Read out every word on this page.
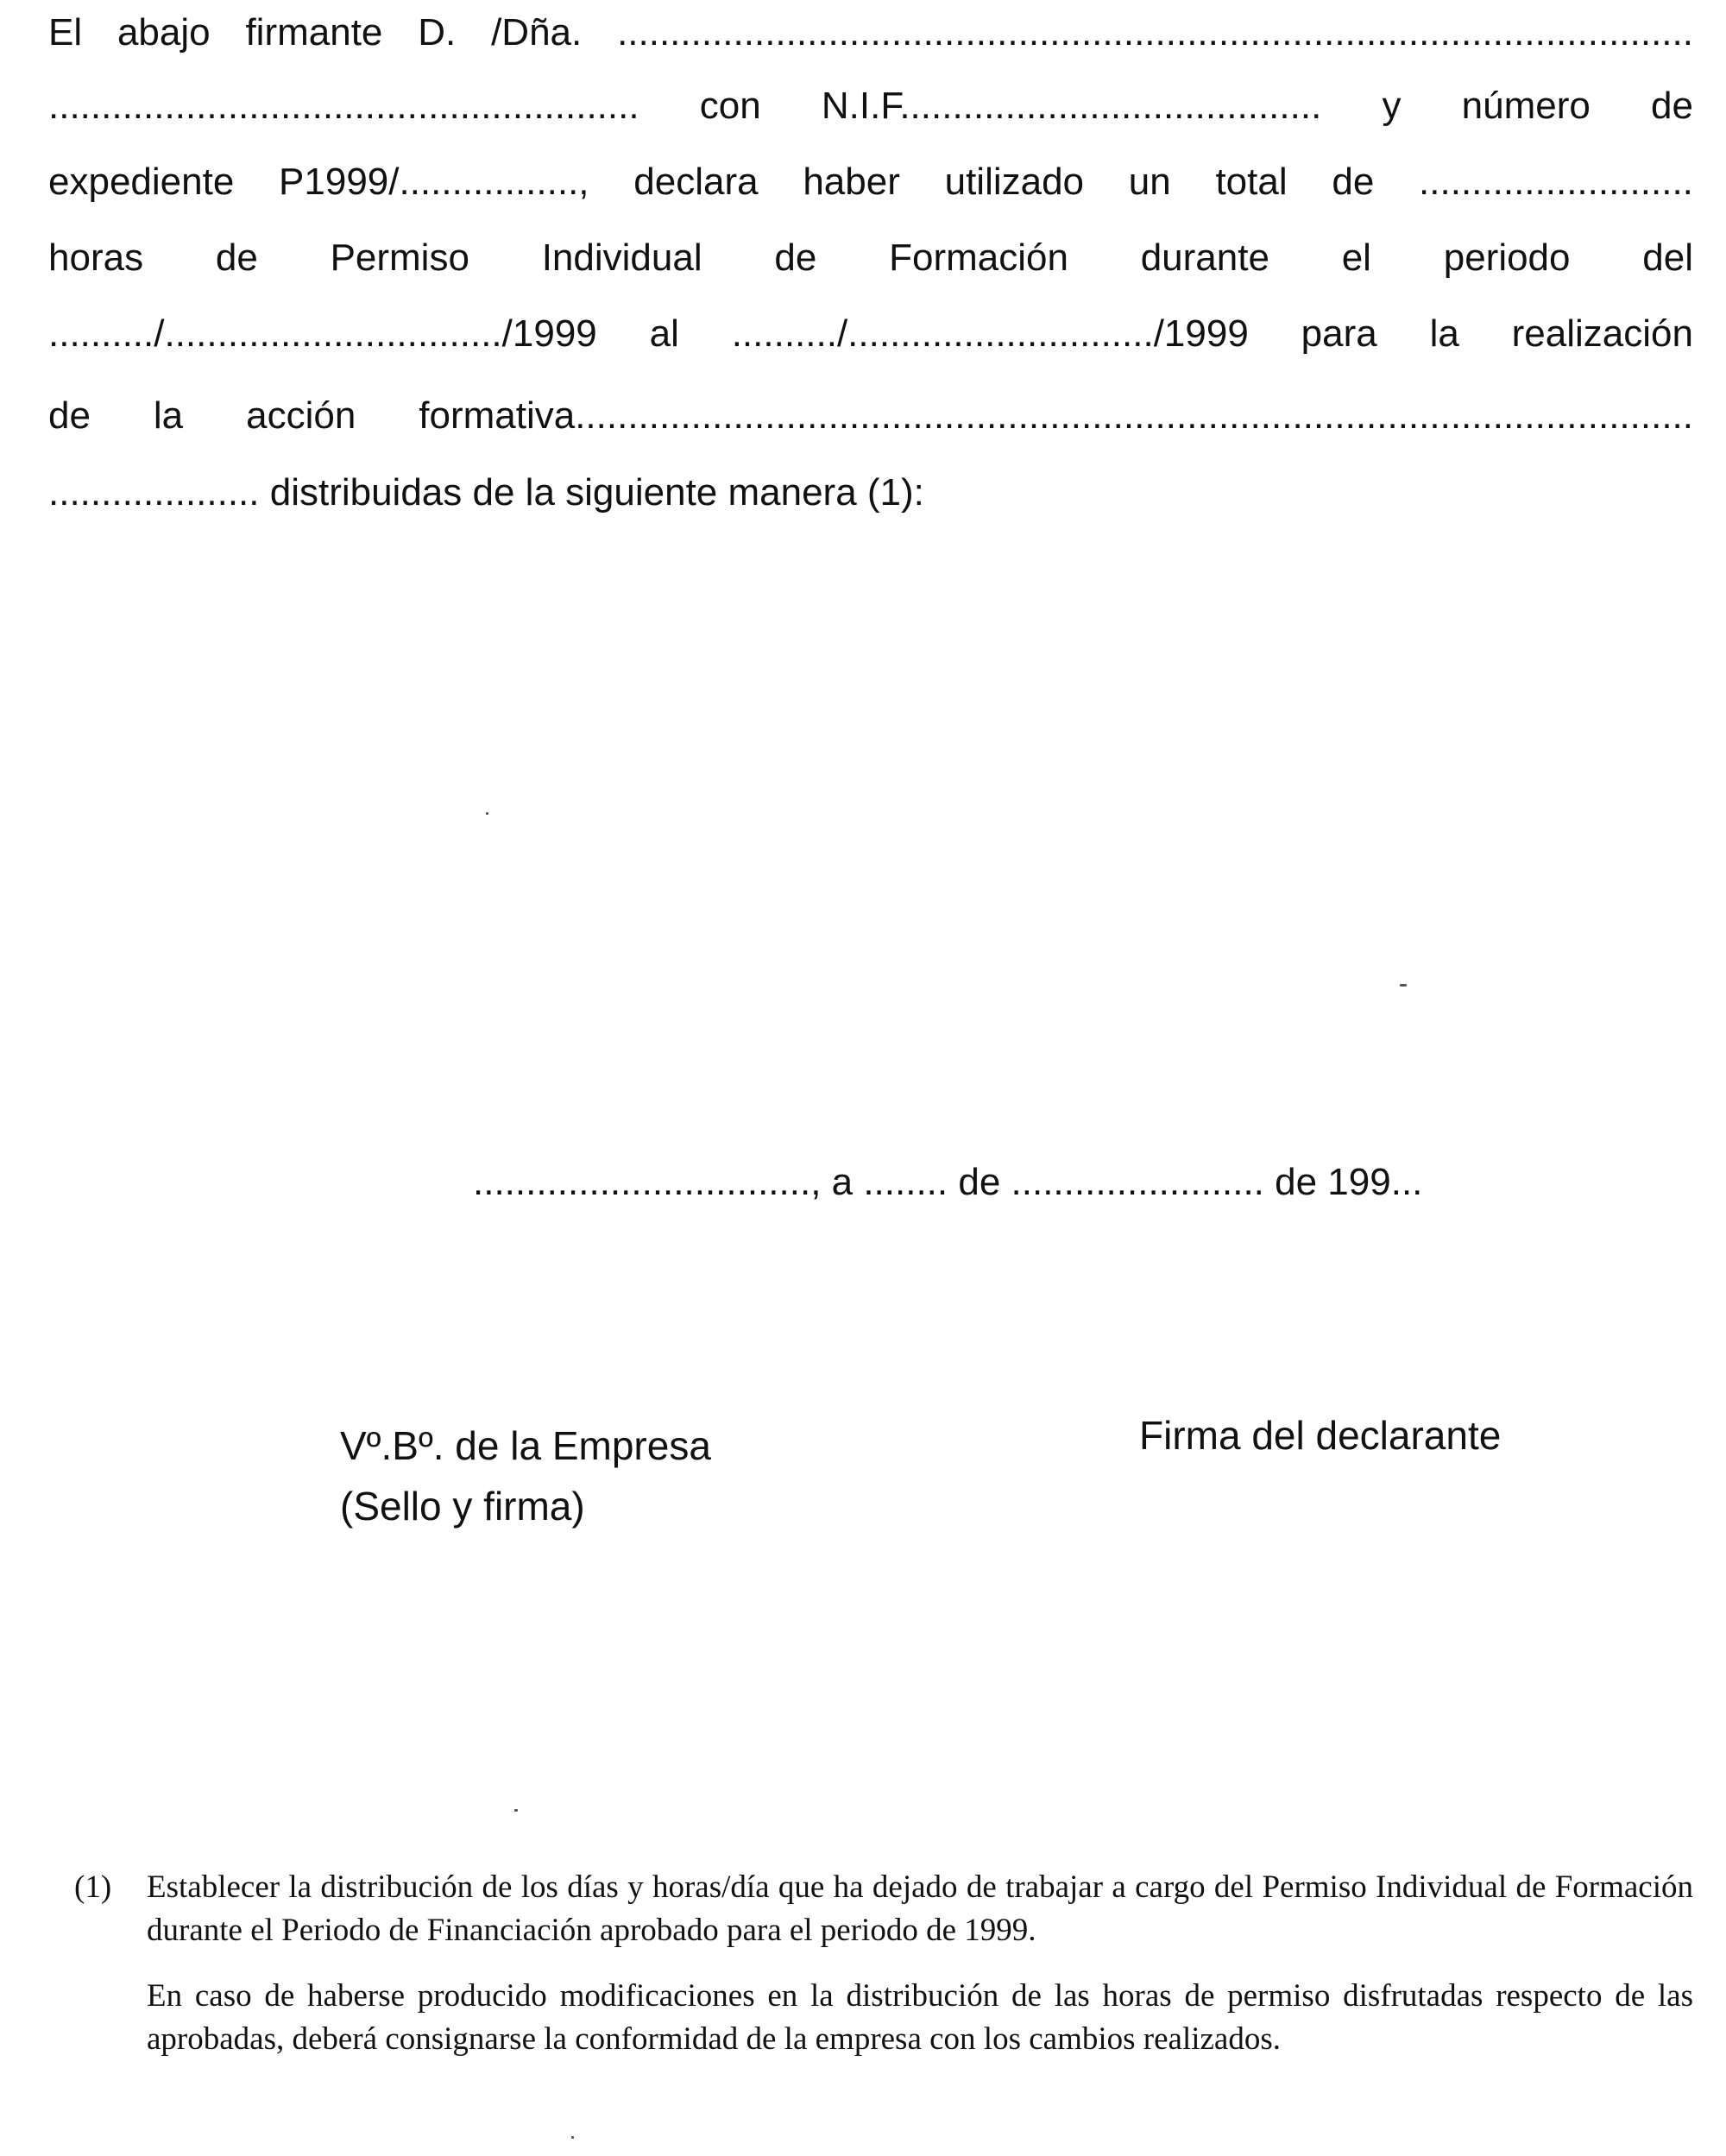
El abajo firmante D. /Dña. ......................................................................................................
........................................................ con N.I.F........................................ y número de
expediente P1999/................., declara haber utilizado un total de ..........................
horas de Permiso Individual de Formación durante el periodo del
........../................................/1999 al ........../............................./1999 para la realización
de la acción formativa..........................................................................................................
.................... distribuidas de la siguiente manera (1):
................................, a ........ de ........................ de 199...
Vº.Bº. de la Empresa
(Sello y firma)
Firma del declarante
(1) Establecer la distribución de los días y horas/día que ha dejado de trabajar a cargo del Permiso Individual de Formación durante el Periodo de Financiación aprobado para el periodo de 1999.

En caso de haberse producido modificaciones en la distribución de las horas de permiso disfrutadas respecto de las aprobadas, deberá consignarse la conformidad de la empresa con los cambios realizados.
